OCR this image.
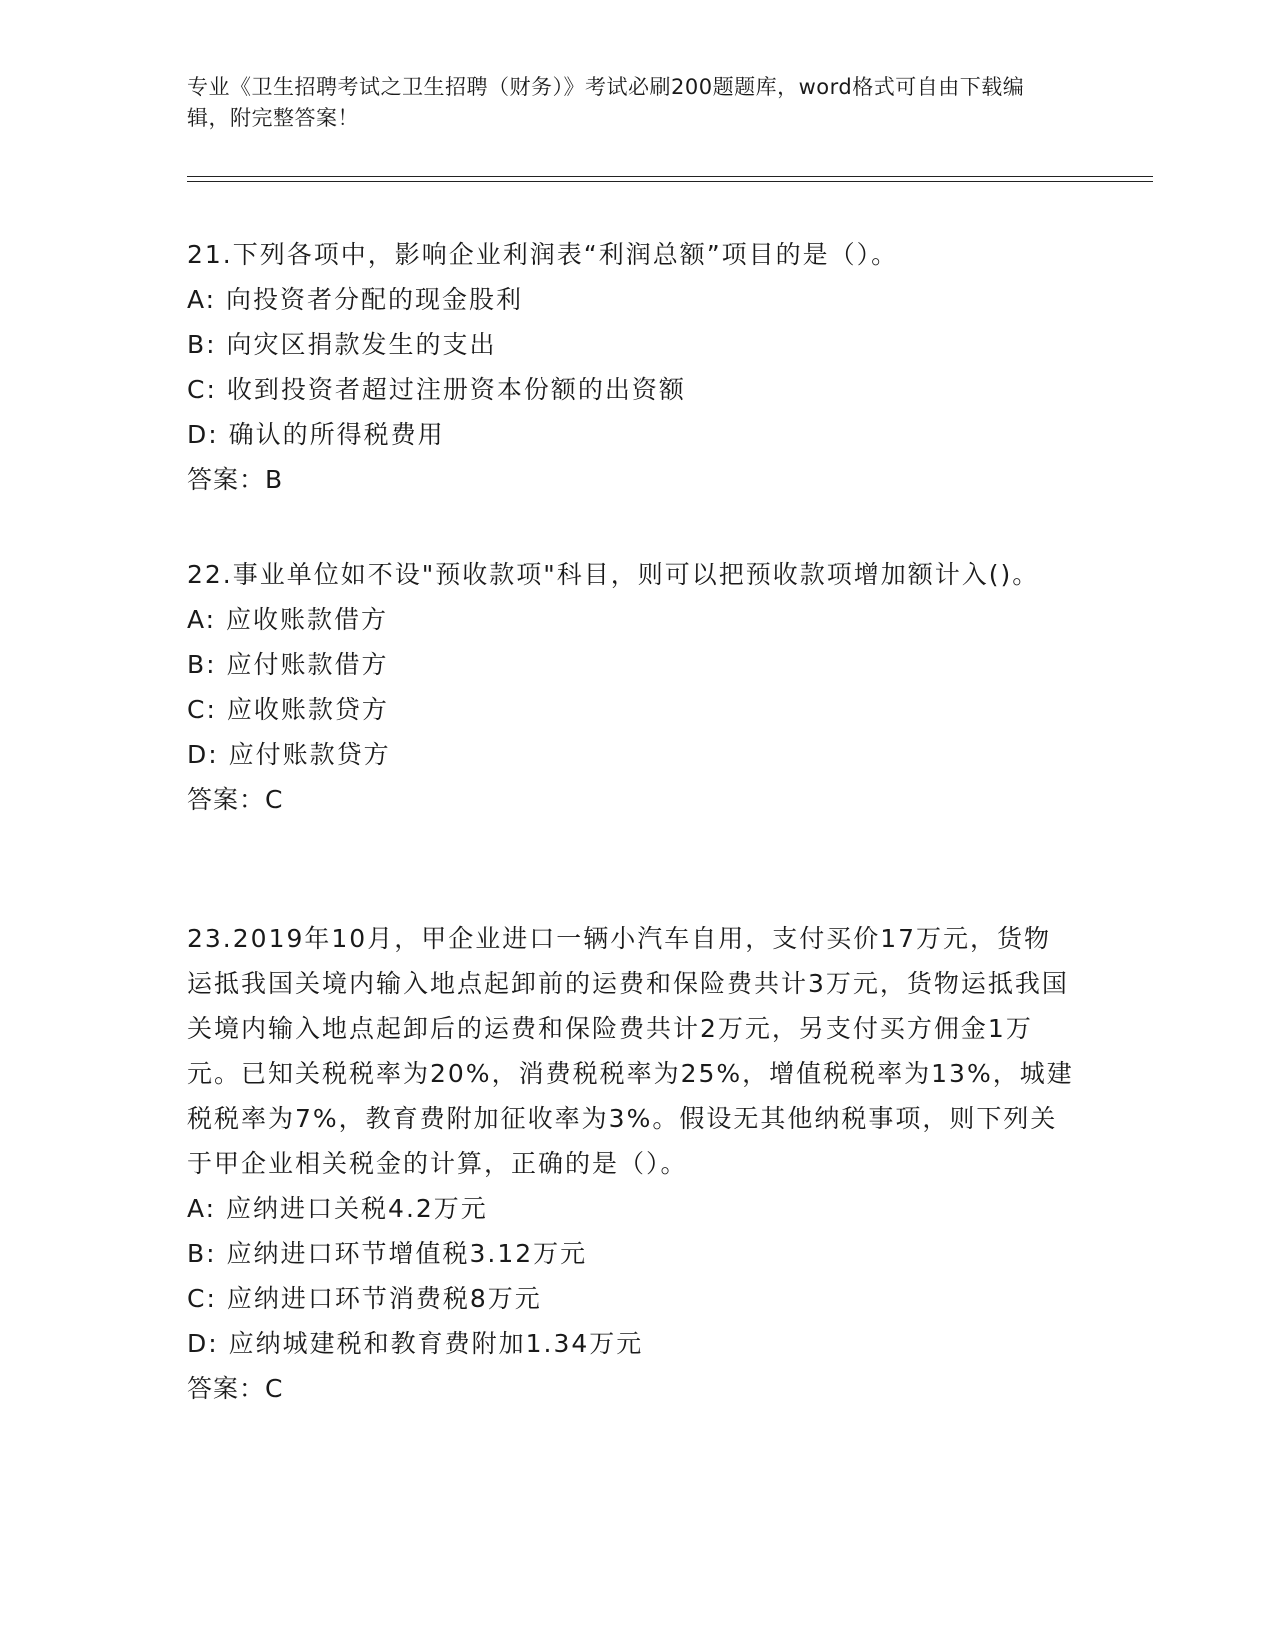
专业《卫生招聘考试之卫生招聘（财务）》考试必刷200题题库，word格式可自由下载编辑，附完整答案！

21.下列各项中，影响企业利润表“利润总额”项目的是（）。

A: 向投资者分配的现金股利

B: 向灾区捐款发生的支出

C: 收到投资者超过注册资本份额的出资额

D: 确认的所得税费用

答案：B

22.事业单位如不设"预收款项"科目，则可以把预收款项增加额计入()。

A: 应收账款借方

B: 应付账款借方

C: 应收账款贷方

D: 应付账款贷方

答案：C

23.2019年10月，甲企业进口一辆小汽车自用，支付买价17万元，货物运抵我国关境内输入地点起卸前的运费和保险费共计3万元，货物运抵我国关境内输入地点起卸后的运费和保险费共计2万元，另支付买方佣金1万元。已知关税税率为20%，消费税税率为25%，增值税税率为13%，城建税税率为7%，教育费附加征收率为3%。假设无其他纳税事项，则下列关于甲企业相关税金的计算，正确的是（）。

A: 应纳进口关税4.2万元

B: 应纳进口环节增值税3.12万元

C: 应纳进口环节消费税8万元

D: 应纳城建税和教育费附加1.34万元

答案：C
